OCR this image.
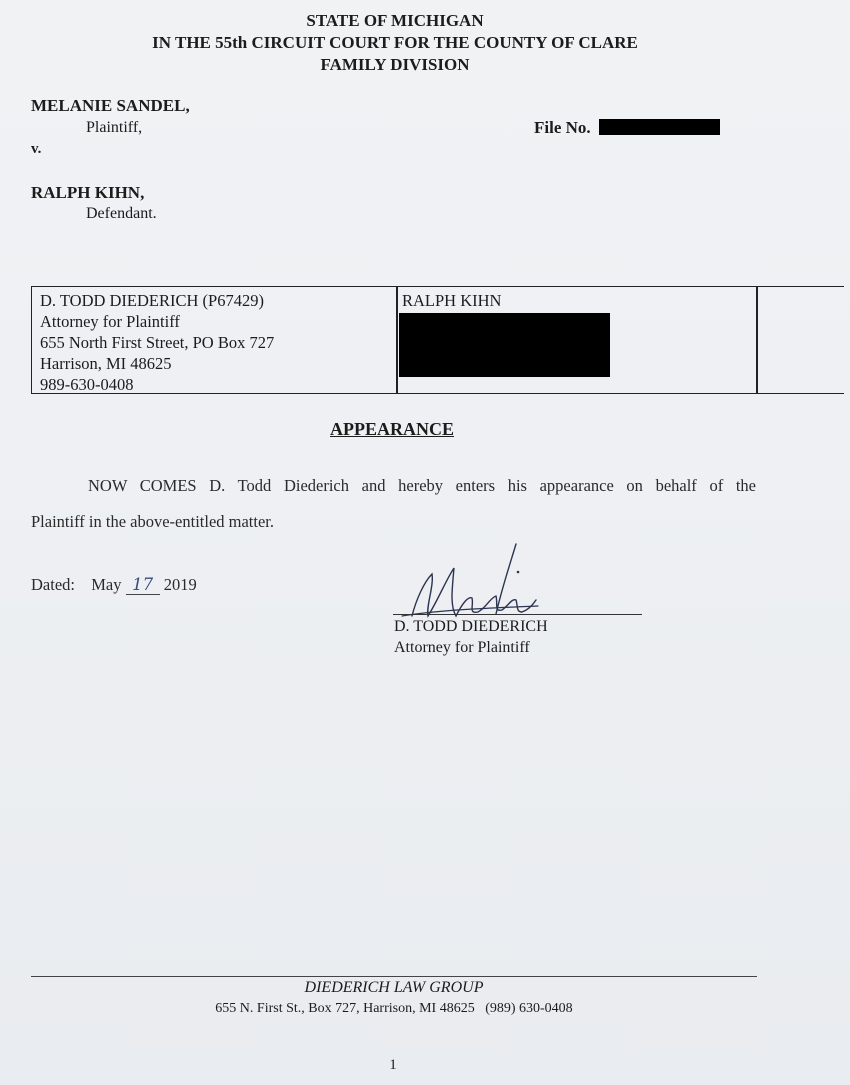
STATE OF MICHIGAN
IN THE 55th CIRCUIT COURT FOR THE COUNTY OF CLARE
FAMILY DIVISION
MELANIE SANDEL,
Plaintiff,
v.
RALPH KIHN,
Defendant.
File No.
D. TODD DIEDERICH (P67429)
Attorney for Plaintiff
655 North First Street, PO Box 727
Harrison, MI 48625
989-630-0408
RALPH KIHN
APPEARANCE
NOW COMES D. Todd Diederich and hereby enters his appearance on behalf of the
Plaintiff in the above-entitled matter.
Dated: May 17 2019
D. TODD DIEDERICH
Attorney for Plaintiff
DIEDERICH LAW GROUP
655 N. First St., Box 727, Harrison, MI 48625   (989) 630-0408
1
